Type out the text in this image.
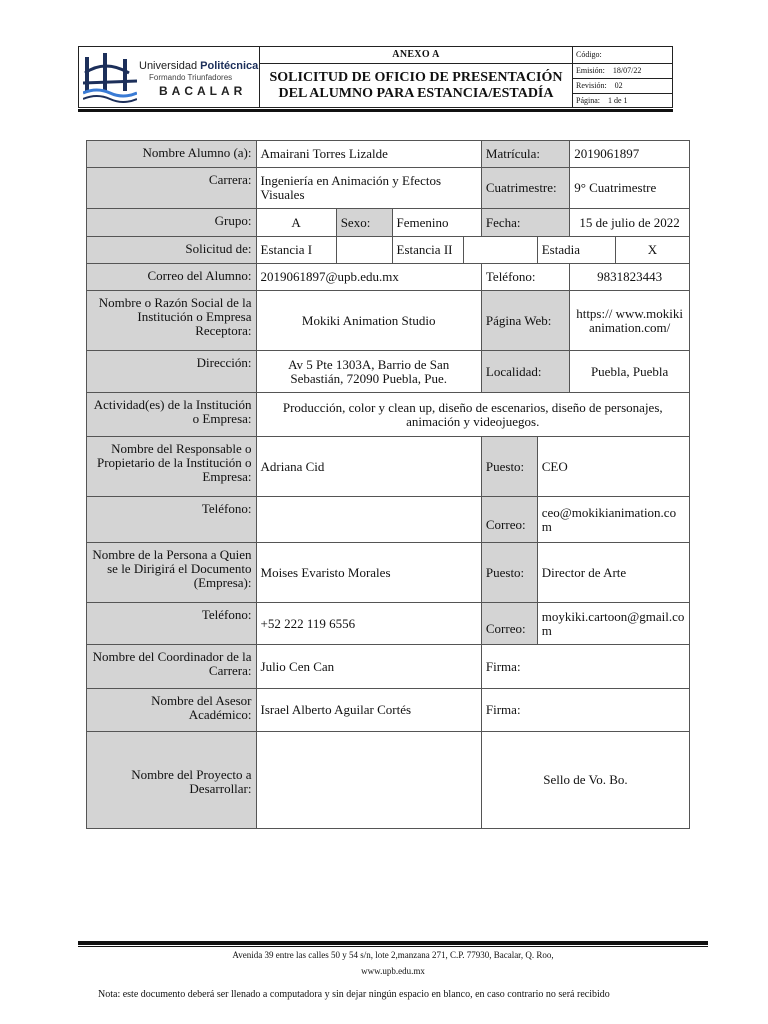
Universidad Politécnica
Formando Triunfadores
BACALAR	ANEXO A	Código:

	SOLICITUD DE OFICIO DE PRESENTACIÓN
DEL ALUMNO PARA ESTANCIA/ESTADÍA	Emisión: 18/07/22
		Revisión: 02
		Página: 1 de 1
Nombre Alumno (a):	Amairani Torres Lizalde				Matrícula:		2019061897	
Carrera:	Ingeniería en Animación y Efectos Visuales				Cuatrimestre:		9° Cuatrimestre	
Grupo:	A	Sexo:	Femenino		Fecha:		15 de julio de 2022	
Solicitud de:	Estancia I		Estancia II			Estadia		X
Correo del Alumno:	2019061897@upb.edu.mx				Teléfono:		9831823443	
Nombre o Razón Social de la Institución o Empresa Receptora:	Mokiki Animation Studio				Página Web:		https:// www.mokikianimation.com/	
Dirección:	Av 5 Pte 1303A, Barrio de San Sebastián, 72090 Puebla, Pue.				Localidad:		Puebla, Puebla	
Actividad(es) de la Institución o Empresa:	Producción, color y clean up, diseño de escenarios, diseño de personajes, animación y videojuegos.							
Nombre del Responsable o Propietario de la Institución o Empresa:	Adriana Cid				Puesto:	CEO		
Teléfono:					Correo:	ceo@mokikianimation.com		
Nombre de la Persona a Quien se le Dirigirá el Documento (Empresa):	Moises Evaristo Morales				Puesto:	Director de Arte		
Teléfono:	+52 222 119 6556				Correo:	moykiki.cartoon@gmail.com		
Nombre del Coordinador de la Carrera:	Julio Cen Can				Firma:			
Nombre del Asesor Académico:	Israel Alberto Aguilar Cortés				Firma:			
Nombre del Proyecto a Desarrollar:					Sello de Vo. Bo.			
Avenida 39 entre las calles 50 y 54 s/n, lote 2,manzana 271, C.P. 77930, Bacalar, Q. Roo,
www.upb.edu.mx
Nota: este documento deberá ser llenado a computadora y sin dejar ningún espacio en blanco, en caso contrario no será recibido
